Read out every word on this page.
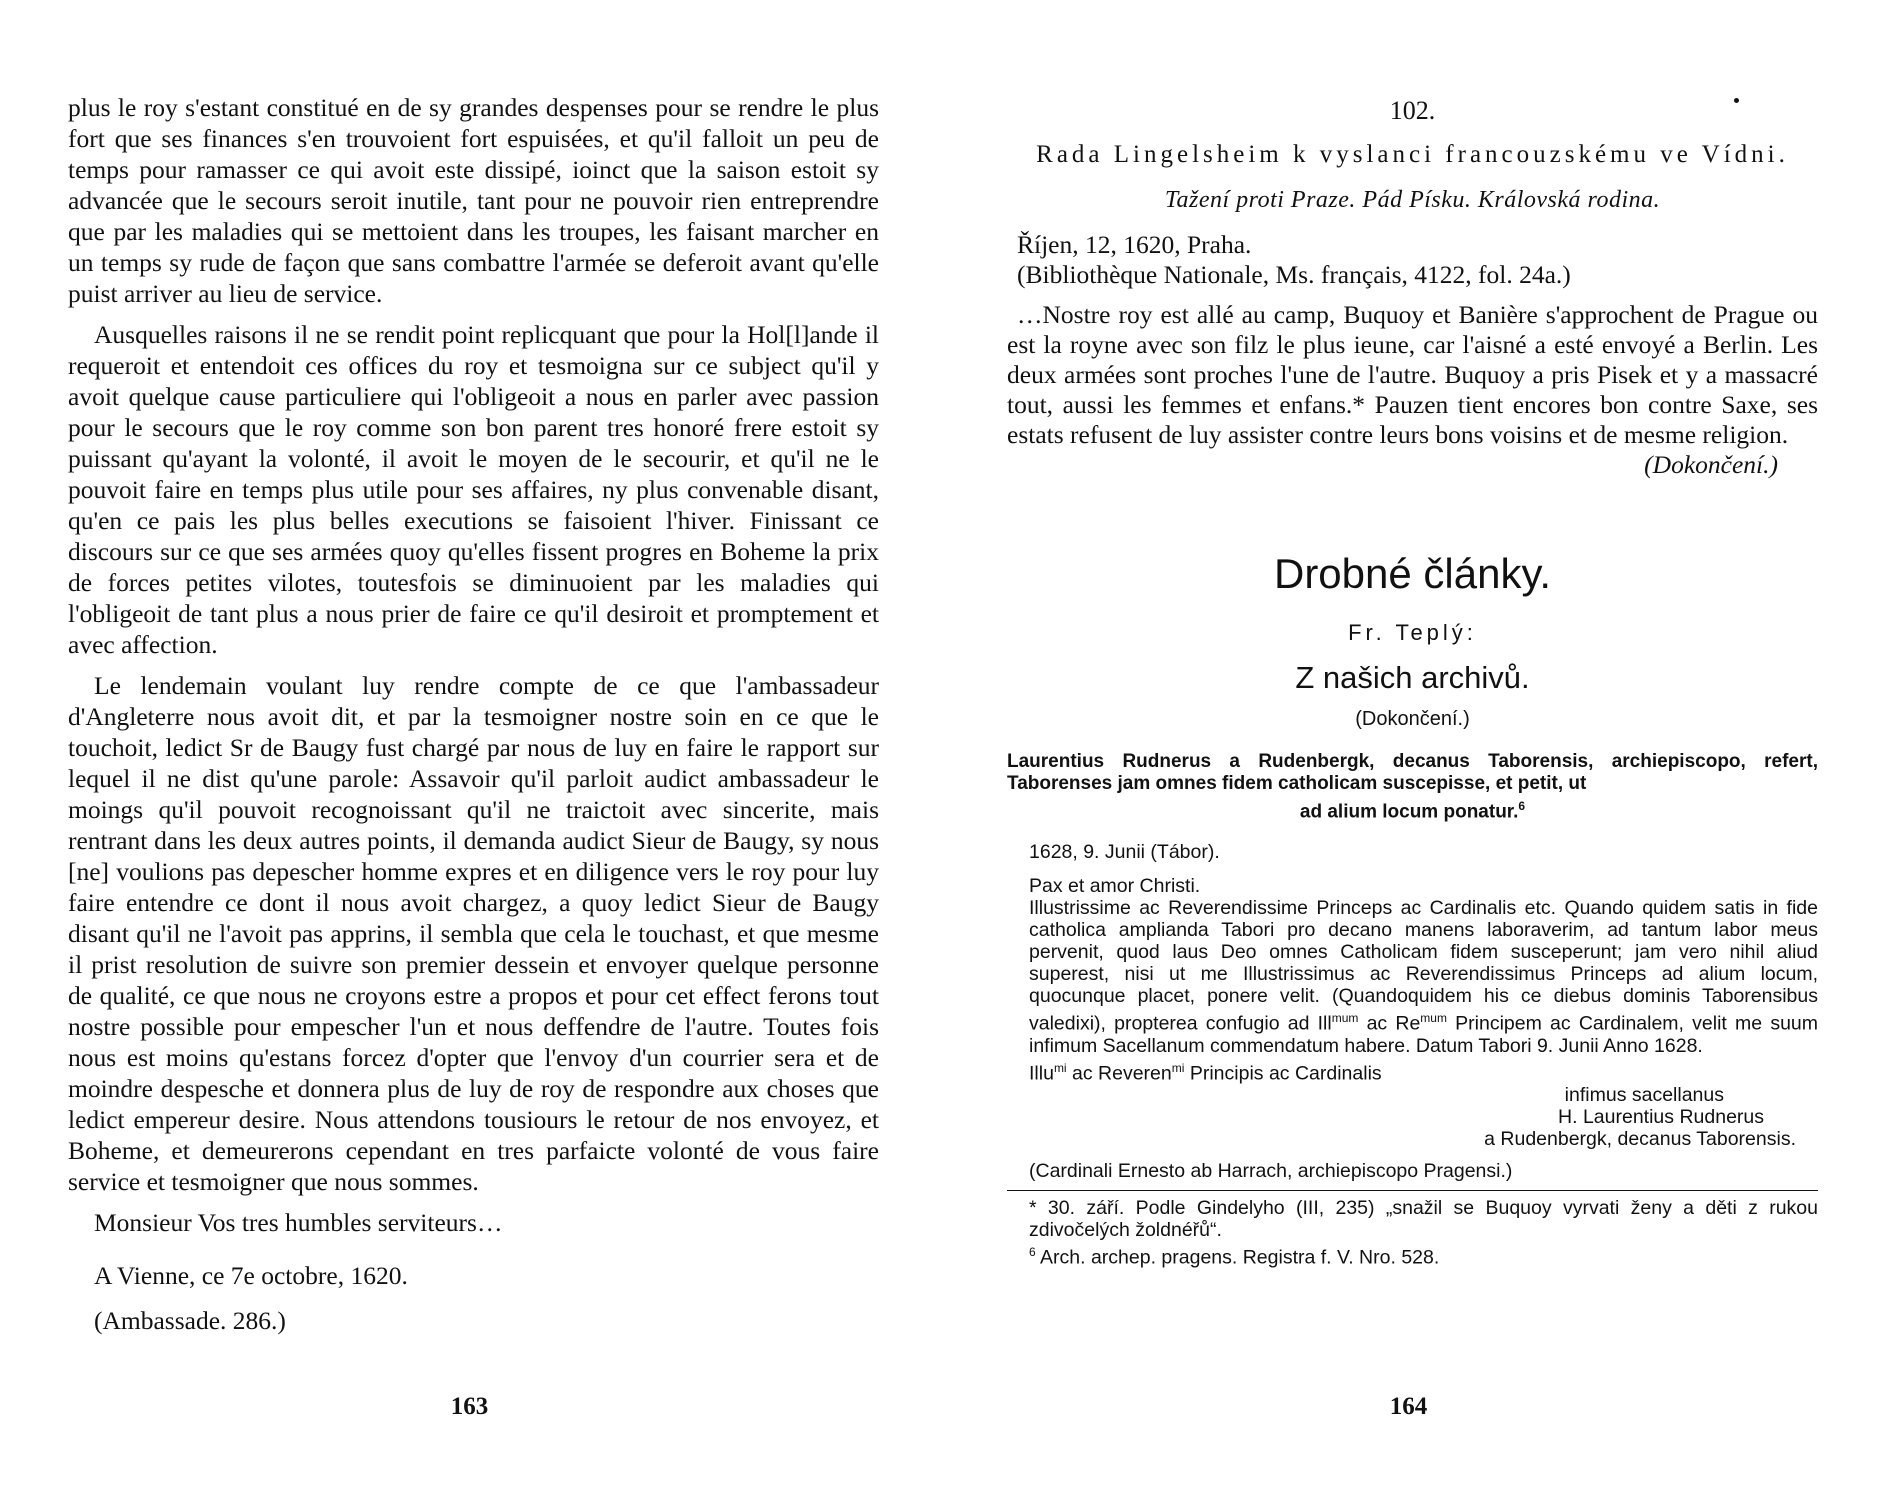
plus le roy s'estant constitué en de sy grandes despenses pour se rendre le plus fort que ses finances s'en trouvoient fort espuisées, et qu'il falloit un peu de temps pour ramasser ce qui avoit este dissipé, ioinct que la saison estoit sy advancée que le secours seroit inutile, tant pour ne pouvoir rien entreprendre que par les maladies qui se mettoient dans les troupes, les faisant marcher en un temps sy rude de façon que sans combattre l'armée se deferoit avant qu'elle puist arriver au lieu de service.

Ausquelles raisons il ne se rendit point replicquant que pour la Hol[l]ande il requeroit et entendoit ces offices du roy et tesmoigna sur ce subject qu'il y avoit quelque cause particuliere qui l'obligeoit a nous en parler avec passion pour le secours que le roy comme son bon parent tres honoré frere estoit sy puissant qu'ayant la volonté, il avoit le moyen de le secourir, et qu'il ne le pouvoit faire en temps plus utile pour ses affaires, ny plus convenable disant, qu'en ce pais les plus belles executions se faisoient l'hiver. Finissant ce discours sur ce que ses armées quoy qu'elles fissent progres en Boheme la prix de forces petites vilotes, toutesfois se diminuoient par les maladies qui l'obligeoit de tant plus a nous prier de faire ce qu'il desiroit et promptement et avec affection.

Le lendemain voulant luy rendre compte de ce que l'ambassadeur d'Angleterre nous avoit dit, et par la tesmoigner nostre soin en ce que le touchoit, ledict Sr de Baugy fust chargé par nous de luy en faire le rapport sur lequel il ne dist qu'une parole: Assavoir qu'il parloit audict ambassadeur le moings qu'il pouvoit recognoissant qu'il ne traictoit avec sincerite, mais rentrant dans les deux autres points, il demanda audict Sieur de Baugy, sy nous [ne] voulions pas depescher homme expres et en diligence vers le roy pour luy faire entendre ce dont il nous avoit chargez, a quoy ledict Sieur de Baugy disant qu'il ne l'avoit pas apprins, il sembla que cela le touchast, et que mesme il prist resolution de suivre son premier dessein et envoyer quelque personne de qualité, ce que nous ne croyons estre a propos et pour cet effect ferons tout nostre possible pour empescher l'un et nous deffendre de l'autre. Toutes fois nous est moins qu'estans forcez d'opter que l'envoy d'un courrier sera et de moindre despesche et donnera plus de luy de roy de respondre aux choses que ledict empereur desire. Nous attendons tousiours le retour de nos envoyez, et Boheme, et demeurerons cependant en tres parfaicte volonté de vous faire service et tesmoigner que nous sommes.

Monsieur Vos tres humbles serviteurs…
A Vienne, ce 7e octobre, 1620.
(Ambassade. 286.)
163
102.
Rada Lingelsheim k vyslanci francouzskému ve Vídni.
Tažení proti Praze. Pád Písku. Královská rodina.
Říjen, 12, 1620, Praha.
(Bibliothèque Nationale, Ms. français, 4122, fol. 24a.)
…Nostre roy est allé au camp, Buquoy et Banière s'approchent de Prague ou est la royne avec son filz le plus ieune, car l'aisné a esté envoyé a Berlin. Les deux armées sont proches l'une de l'autre. Buquoy a pris Pisek et y a massacré tout, aussi les femmes et enfans.* Pauzen tient encores bon contre Saxe, ses estats refusent de luy assister contre leurs bons voisins et de mesme religion.
(Dokončení.)
Drobné články.
Fr. Teplý:
Z našich archivů.
(Dokončení.)
Laurentius Rudnerus a Rudenbergk, decanus Taborensis, archiepiscopo, refert, Taborenses jam omnes fidem catholicam suscepisse, et petit, ut
ad alium locum ponatur.$^6$
1628, 9. Junii (Tábor).
Pax et amor Christi.
Illustrissime ac Reverendissime Princeps ac Cardinalis etc. Quando quidem satis in fide catholica amplianda Tabori pro decano manens laboraverim, ad tantum labor meus pervenit, quod laus Deo omnes Catholicam fidem susceperunt; jam vero nihil aliud superest, nisi ut me Illustrissimus ac Reverendissimus Princeps ad alium locum, quocunque placet, ponere velit. (Quandoquidem his ce diebus dominis Taborensibus valedixi), propterea confugio ad Ill$^{mum}$ ac $Re^{mum}$ Principem ac Cardinalem, velit me suum infimum Sacellanum commendatum habere. Datum Tabori 9. Junii Anno 1628.
Illu$^{mi}$ ac Reveren$^{mi}$ Principis ac Cardinalis
infimus sacellanus
H. Laurentius Rudnerus
a Rudenbergk, decanus Taborensis.
(Cardinali Ernesto ab Harrach, archiepiscopo Pragensi.)
* 30. září. Podle Gindelyho (III, 235) „snažil se Buquoy vyrvati ženy a děti z rukou zdivočelých žoldnéřů“.
$^6$ Arch. archep. pragens. Registra f. V. Nro. 528.
164
